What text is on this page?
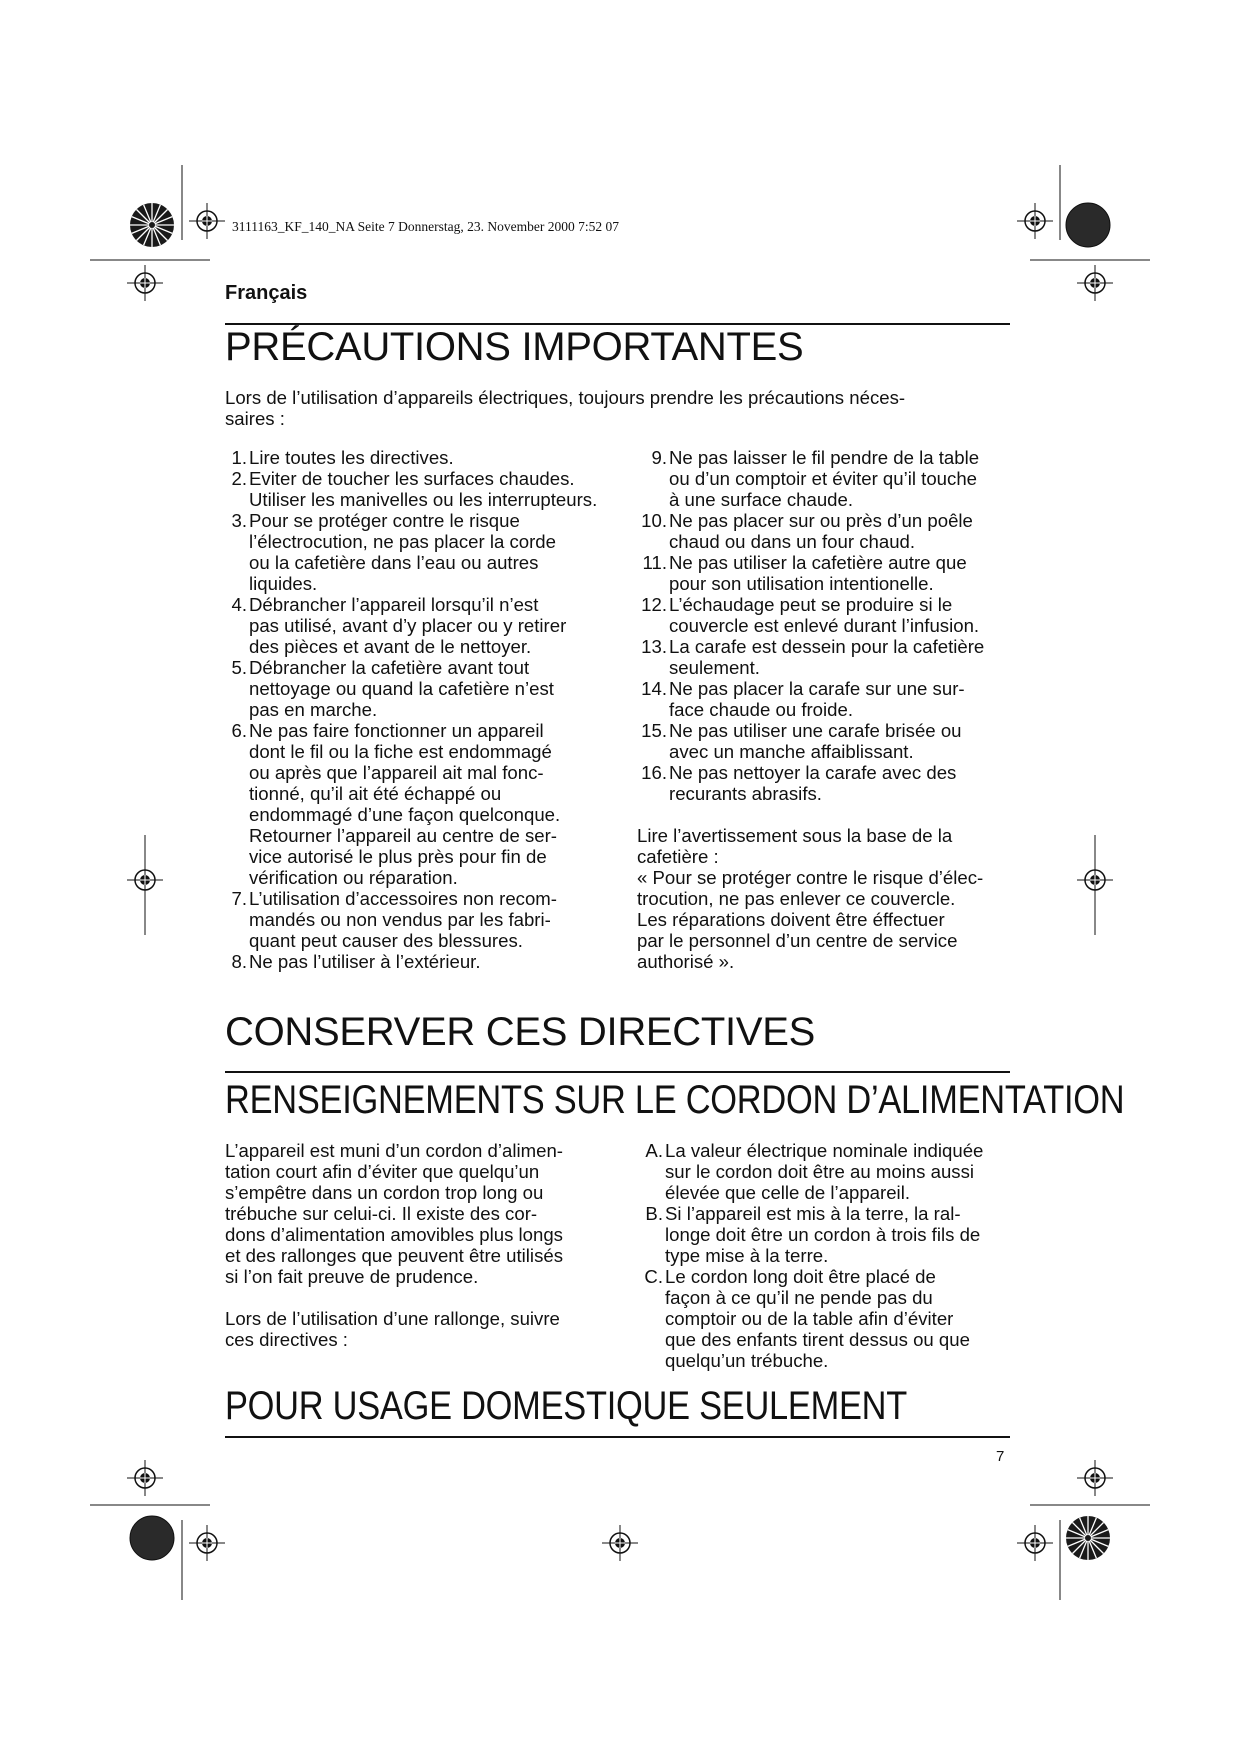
3111163_KF_140_NA Seite 7 Donnerstag, 23. November 2000 7:52 07
Français
PRÉCAUTIONS IMPORTANTES
Lors de l’utilisation d’appareils électriques, toujours prendre les précautions néces-
saires :
1. Lire toutes les directives.
2. Eviter de toucher les surfaces chaudes.
Utiliser les manivelles ou les interrupteurs.
3. Pour se protéger contre le risque
l’électrocution, ne pas placer la corde
ou la cafetière dans l’eau ou autres
liquides.
4. Débrancher l’appareil lorsqu’il n’est
pas utilisé, avant d’y placer ou y retirer
des pièces et avant de le nettoyer.
5. Débrancher la cafetière avant tout
nettoyage ou quand la cafetière n’est
pas en marche.
6. Ne pas faire fonctionner un appareil
dont le fil ou la fiche est endommagé
ou après que l’appareil ait mal fonc-
tionné, qu’il ait été échappé ou
endommagé d’une façon quelconque.
Retourner l’appareil au centre de ser-
vice autorisé le plus près pour fin de
vérification ou réparation.
7. L’utilisation d’accessoires non recom-
mandés ou non vendus par les fabri-
quant peut causer des blessures.
8. Ne pas l’utiliser à l’extérieur.
9. Ne pas laisser le fil pendre de la table
ou d’un comptoir et éviter qu’il touche
à une surface chaude.
10. Ne pas placer sur ou près d’un poêle
chaud ou dans un four chaud.
11. Ne pas utiliser la cafetière autre que
pour son utilisation intentionelle.
12. L’échaudage peut se produire si le
couvercle est enlevé durant l’infusion.
13. La carafe est dessein pour la cafetière
seulement.
14. Ne pas placer la carafe sur une sur-
face chaude ou froide.
15. Ne pas utiliser une carafe brisée ou
avec un manche affaiblissant.
16. Ne pas nettoyer la carafe avec des
recurants abrasifs.
Lire l’avertissement sous la base de la
cafetière :
« Pour se protéger contre le risque d’élec-
trocution, ne pas enlever ce couvercle.
Les réparations doivent être éffectuer
par le personnel d’un centre de service
authorisé ».
CONSERVER CES DIRECTIVES
RENSEIGNEMENTS SUR LE CORDON D’ALIMENTATION
L’appareil est muni d’un cordon d’alimen-
tation court afin d’éviter que quelqu’un
s’empêtre dans un cordon trop long ou
trébuche sur celui-ci. Il existe des cor-
dons d’alimentation amovibles plus longs
et des rallonges que peuvent être utilisés
si l’on fait preuve de prudence.
Lors de l’utilisation d’une rallonge, suivre
ces directives :
A. La valeur électrique nominale indiquée
sur le cordon doit être au moins aussi
élevée que celle de l’appareil.
B. Si l’appareil est mis à la terre, la ral-
longe doit être un cordon à trois fils de
type mise à la terre.
C. Le cordon long doit être placé de
façon à ce qu’il ne pende pas du
comptoir ou de la table afin d’éviter
que des enfants tirent dessus ou que
quelqu’un trébuche.
POUR USAGE DOMESTIQUE SEULEMENT
7
